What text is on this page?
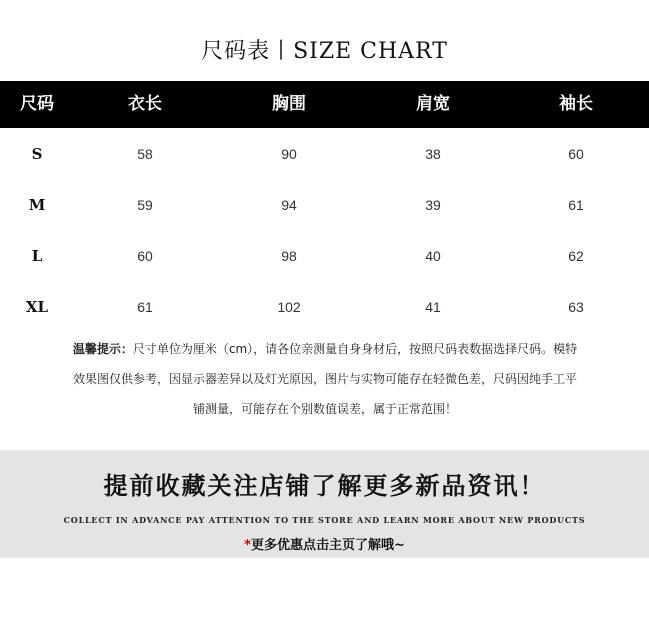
尺码表丨SIZE CHART
尺码	衣长	胸围	肩宽	袖长
S	58	90	38	60
M	59	94	39	61
L	60	98	40	62
XL	61	102	41	63
温馨提示：尺寸单位为厘米（cm），请各位亲测量自身身材后，按照尺码表数据选择尺码。模特
效果图仅供参考，因显示器差异以及灯光原因，图片与实物可能存在轻微色差，尺码因纯手工平
铺测量，可能存在个别数值误差，属于正常范围！
提前收藏关注店铺了解更多新品资讯！
COLLECT IN ADVANCE PAY ATTENTION TO THE STORE AND LEARN MORE ABOUT NEW PRODUCTS
*更多优惠点击主页了解哦~
